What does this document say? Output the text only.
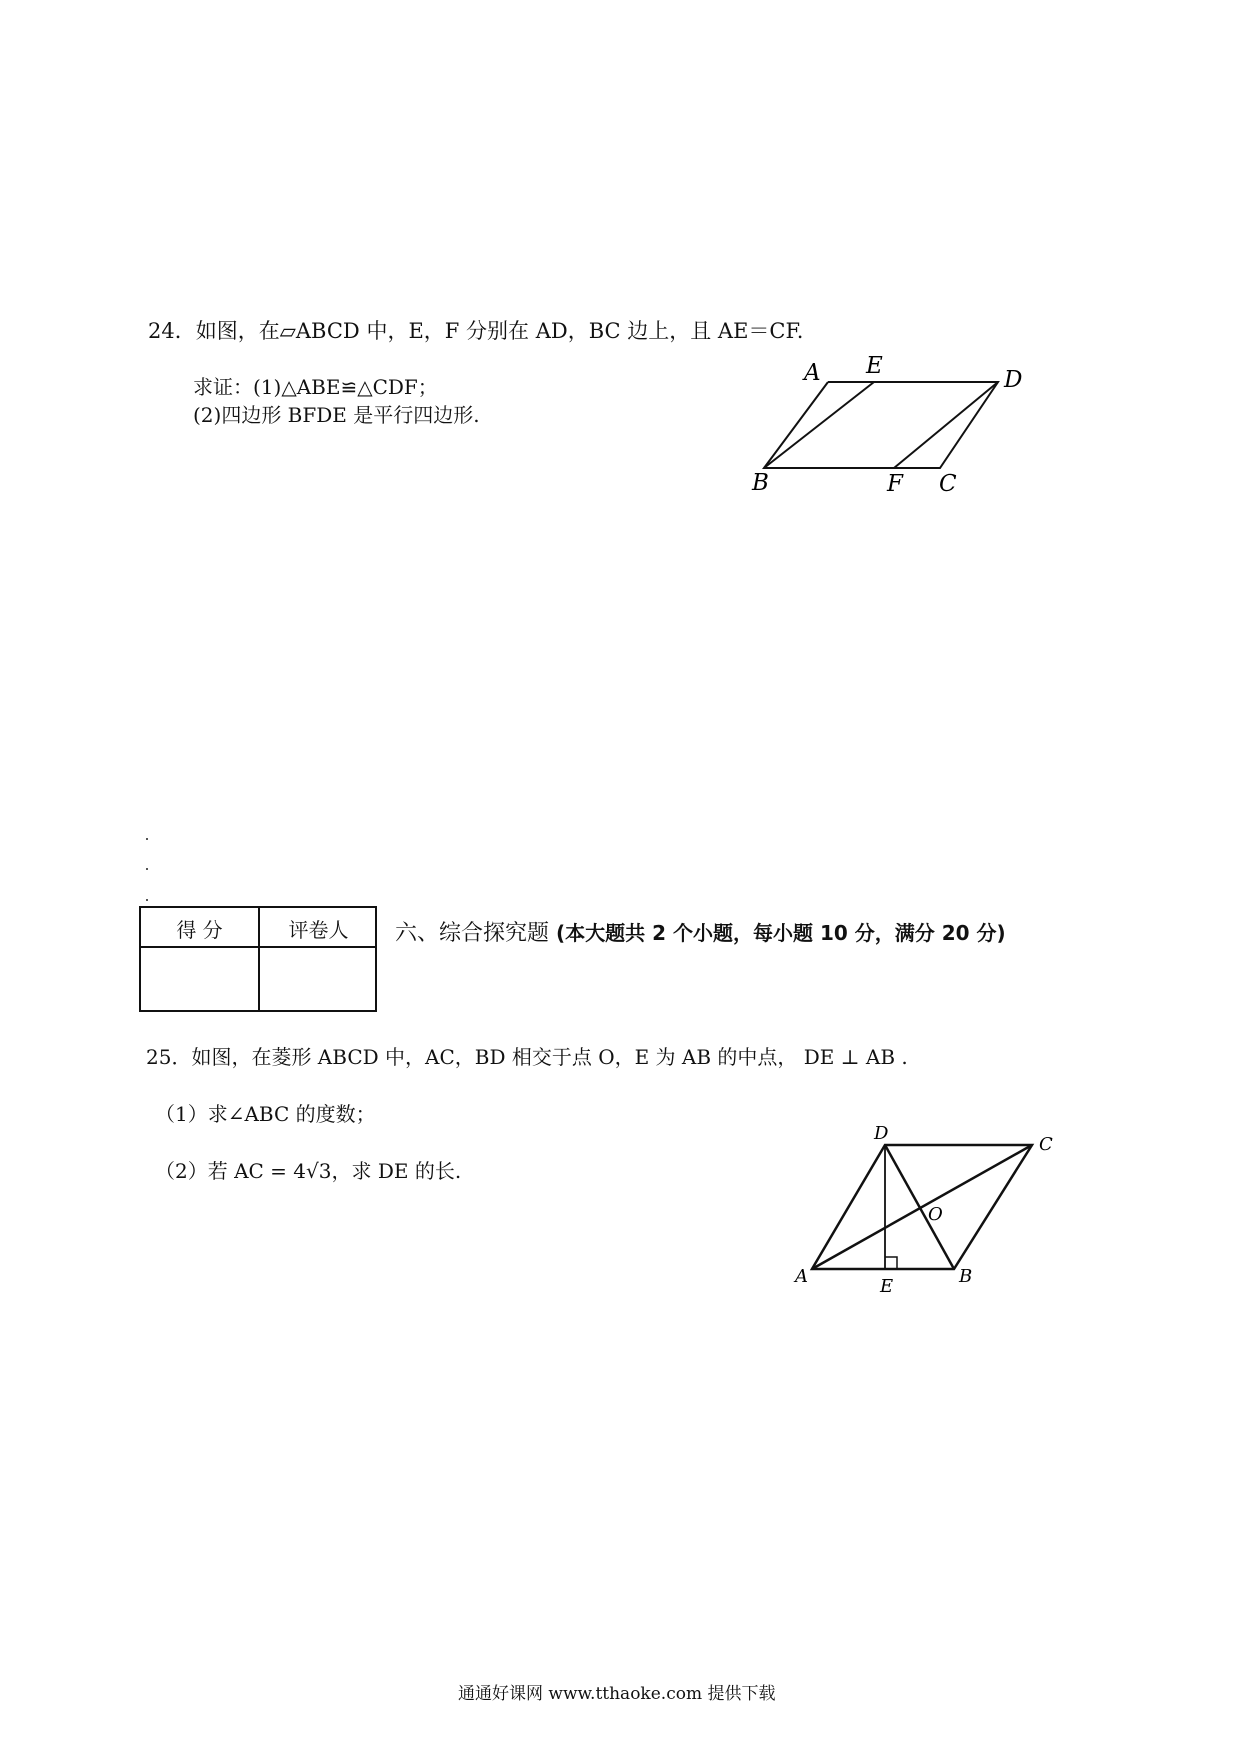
24．如图，在▱ABCD 中，E，F 分别在 AD，BC 边上，且 AE＝CF.
求证：(1)△ABE≌△CDF；
(2)四边形 BFDE 是平行四边形.
A E
D
B	F C
得 分	评卷人	六、综合探究题 (本大题共 2 个小题，每小题 10 分，满分 20 分)
25．如图，在菱形 ABCD 中，AC，BD 相交于点 O，E 为 AB 的中点， DE ⊥ AB .
（1）求∠ABC 的度数；
（2）若 AC = 4√3，求 DE 的长.
D
C
O
A	E	B
通通好课网 www.tthaoke.com 提供下载
